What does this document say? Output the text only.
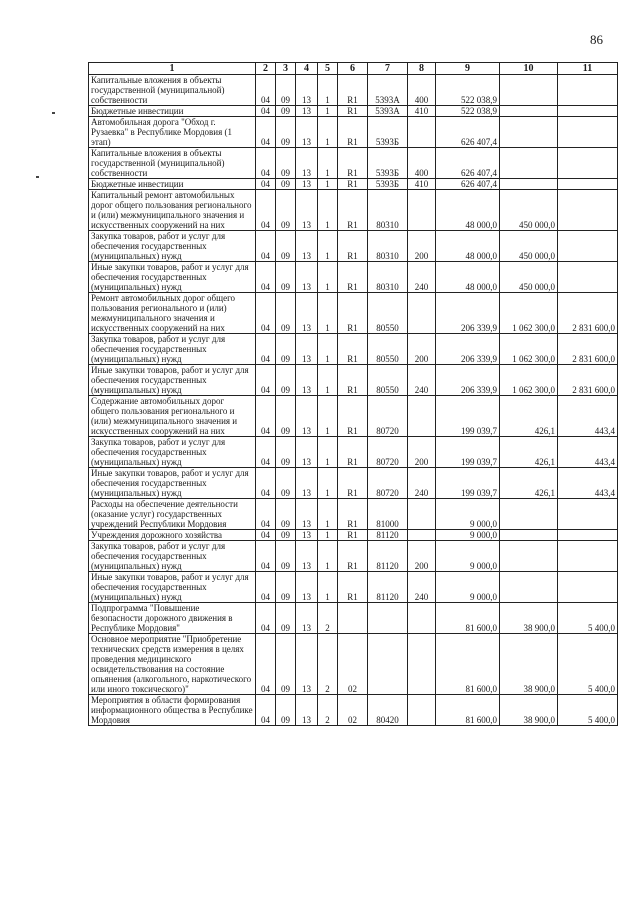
86
1	2	3	4	5	6	7	8	9	10	11
Капитальные вложения в объекты государственной (муниципальной) собственности	04	09	13	1	R1	5393А	400	522 038,9		
Бюджетные инвестиции	04	09	13	1	R1	5393А	410	522 038,9		
Автомобильная дорога "Обход г. Рузаевка" в Республике Мордовия (1 этап)	04	09	13	1	R1	5393Б		626 407,4		
Капитальные вложения в объекты государственной (муниципальной) собственности	04	09	13	1	R1	5393Б	400	626 407,4		
Бюджетные инвестиции	04	09	13	1	R1	5393Б	410	626 407,4		
Капитальный ремонт автомобильных дорог общего пользования регионального и (или) межмуниципального значения и искусственных сооружений на них	04	09	13	1	R1	80310		48 000,0	450 000,0	
Закупка товаров, работ и услуг для обеспечения государственных (муниципальных) нужд	04	09	13	1	R1	80310	200	48 000,0	450 000,0	
Иные закупки товаров, работ и услуг для обеспечения государственных (муниципальных) нужд	04	09	13	1	R1	80310	240	48 000,0	450 000,0	
Ремонт автомобильных дорог общего пользования регионального и (или) межмуниципального значения и искусственных сооружений на них	04	09	13	1	R1	80550		206 339,9	1 062 300,0	2 831 600,0
Закупка товаров, работ и услуг для обеспечения государственных (муниципальных) нужд	04	09	13	1	R1	80550	200	206 339,9	1 062 300,0	2 831 600,0
Иные закупки товаров, работ и услуг для обеспечения государственных (муниципальных) нужд	04	09	13	1	R1	80550	240	206 339,9	1 062 300,0	2 831 600,0
Содержание автомобильных дорог общего пользования регионального и (или) межмуниципального значения и искусственных сооружений на них	04	09	13	1	R1	80720		199 039,7	426,1	443,4
Закупка товаров, работ и услуг для обеспечения государственных (муниципальных) нужд	04	09	13	1	R1	80720	200	199 039,7	426,1	443,4
Иные закупки товаров, работ и услуг для обеспечения государственных (муниципальных) нужд	04	09	13	1	R1	80720	240	199 039,7	426,1	443,4
Расходы на обеспечение деятельности (оказание услуг) государственных учреждений Республики Мордовия	04	09	13	1	R1	81000		9 000,0		
Учреждения дорожного хозяйства	04	09	13	1	R1	81120		9 000,0		
Закупка товаров, работ и услуг для обеспечения государственных (муниципальных) нужд	04	09	13	1	R1	81120	200	9 000,0		
Иные закупки товаров, работ и услуг для обеспечения государственных (муниципальных) нужд	04	09	13	1	R1	81120	240	9 000,0		
Подпрограмма "Повышение безопасности дорожного движения в Республике Мордовия"	04	09	13	2				81 600,0	38 900,0	5 400,0
Основное мероприятие "Приобретение технических средств измерения в целях проведения медицинского освидетельствования на состояние опьянения (алкогольного, наркотического или иного токсического)"	04	09	13	2	02			81 600,0	38 900,0	5 400,0
Мероприятия в области формирования информационного общества в Республике Мордовия	04	09	13	2	02	80420		81 600,0	38 900,0	5 400,0
